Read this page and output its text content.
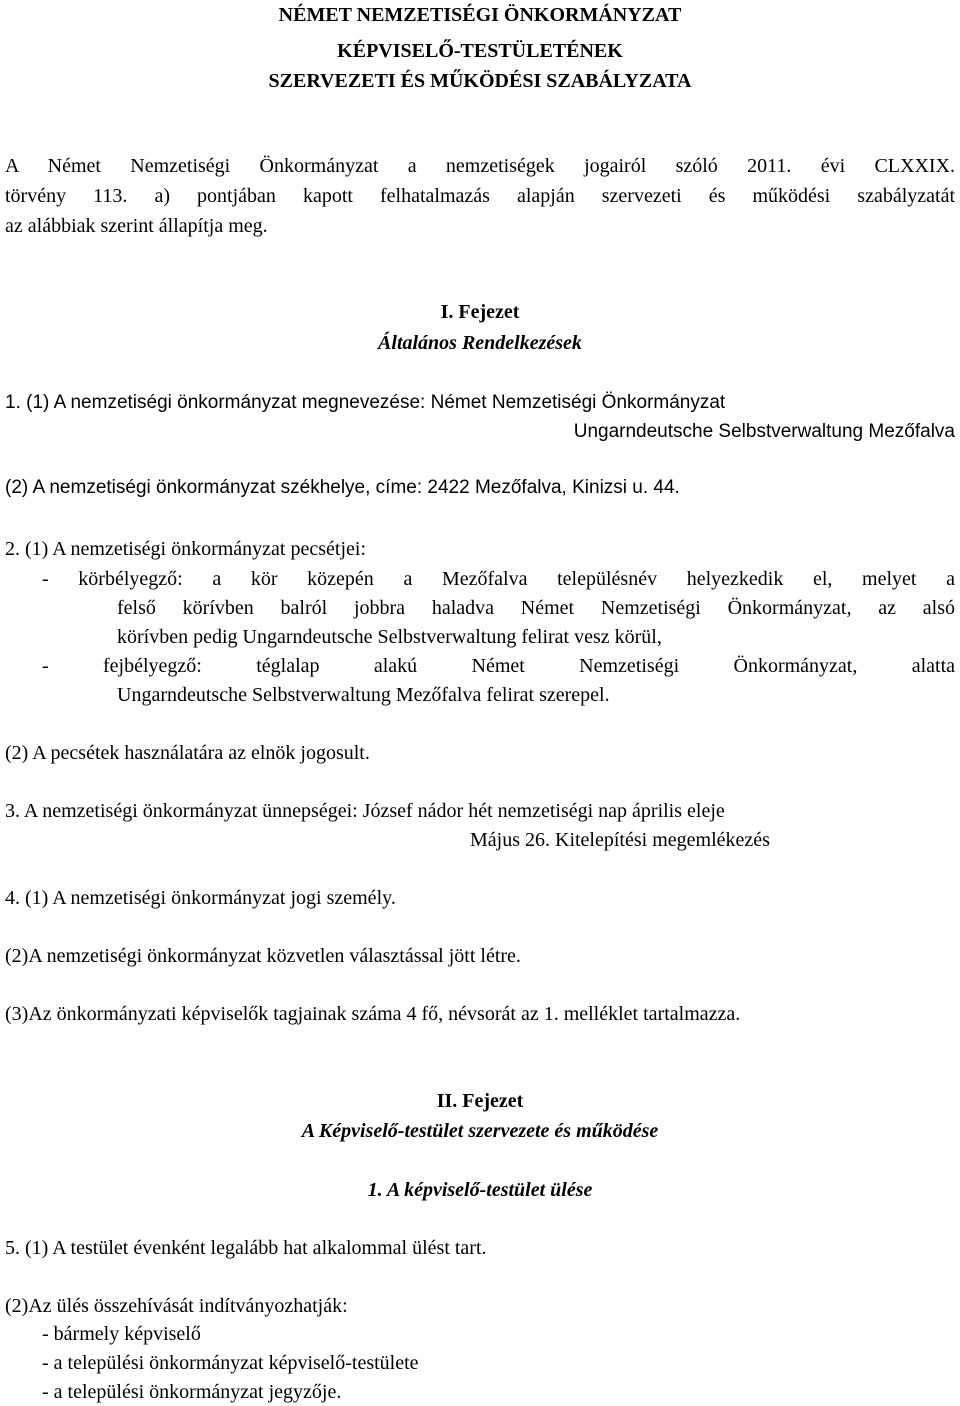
NÉMET NEMZETISÉGI ÖNKORMÁNYZAT
KÉPVISELŐ-TESTÜLETÉNEK
SZERVEZETI ÉS MŰKÖDÉSI SZABÁLYZATA
A Német Nemzetiségi Önkormányzat a nemzetiségek jogairól szóló 2011. évi CLXXIX.
törvény 113. a) pontjában kapott felhatalmazás alapján szervezeti és működési szabályzatát
az alábbiak szerint állapítja meg.
I. Fejezet
Általános Rendelkezések
1. (1) A nemzetiségi önkormányzat megnevezése: Német Nemzetiségi Önkormányzat
Ungarndeutsche Selbstverwaltung Mezőfalva
(2) A nemzetiségi önkormányzat székhelye, címe: 2422 Mezőfalva, Kinizsi u. 44.
2. (1) A nemzetiségi önkormányzat pecsétjei:
- körbélyegző: a kör közepén a Mezőfalva településnév helyezkedik el, melyet a
felső körívben balról jobbra haladva Német Nemzetiségi Önkormányzat, az alsó
körívben pedig Ungarndeutsche Selbstverwaltung felirat vesz körül,
- fejbélyegző: téglalap alakú Német Nemzetiségi Önkormányzat, alatta
Ungarndeutsche Selbstverwaltung Mezőfalva felirat szerepel.
(2) A pecsétek használatára az elnök jogosult.
3. A nemzetiségi önkormányzat ünnepségei: József nádor hét nemzetiségi nap április eleje
Május 26. Kitelepítési megemlékezés
4. (1) A nemzetiségi önkormányzat jogi személy.
(2)A nemzetiségi önkormányzat közvetlen választással jött létre.
(3)Az önkormányzati képviselők tagjainak száma 4 fő, névsorát az 1. melléklet tartalmazza.
II. Fejezet
A Képviselő-testület szervezete és működése
1. A képviselő-testület ülése
5. (1) A testület évenként legalább hat alkalommal ülést tart.
(2)Az ülés összehívását indítványozhatják:
- bármely képviselő
- a települési önkormányzat képviselő-testülete
- a települési önkormányzat jegyzője.
